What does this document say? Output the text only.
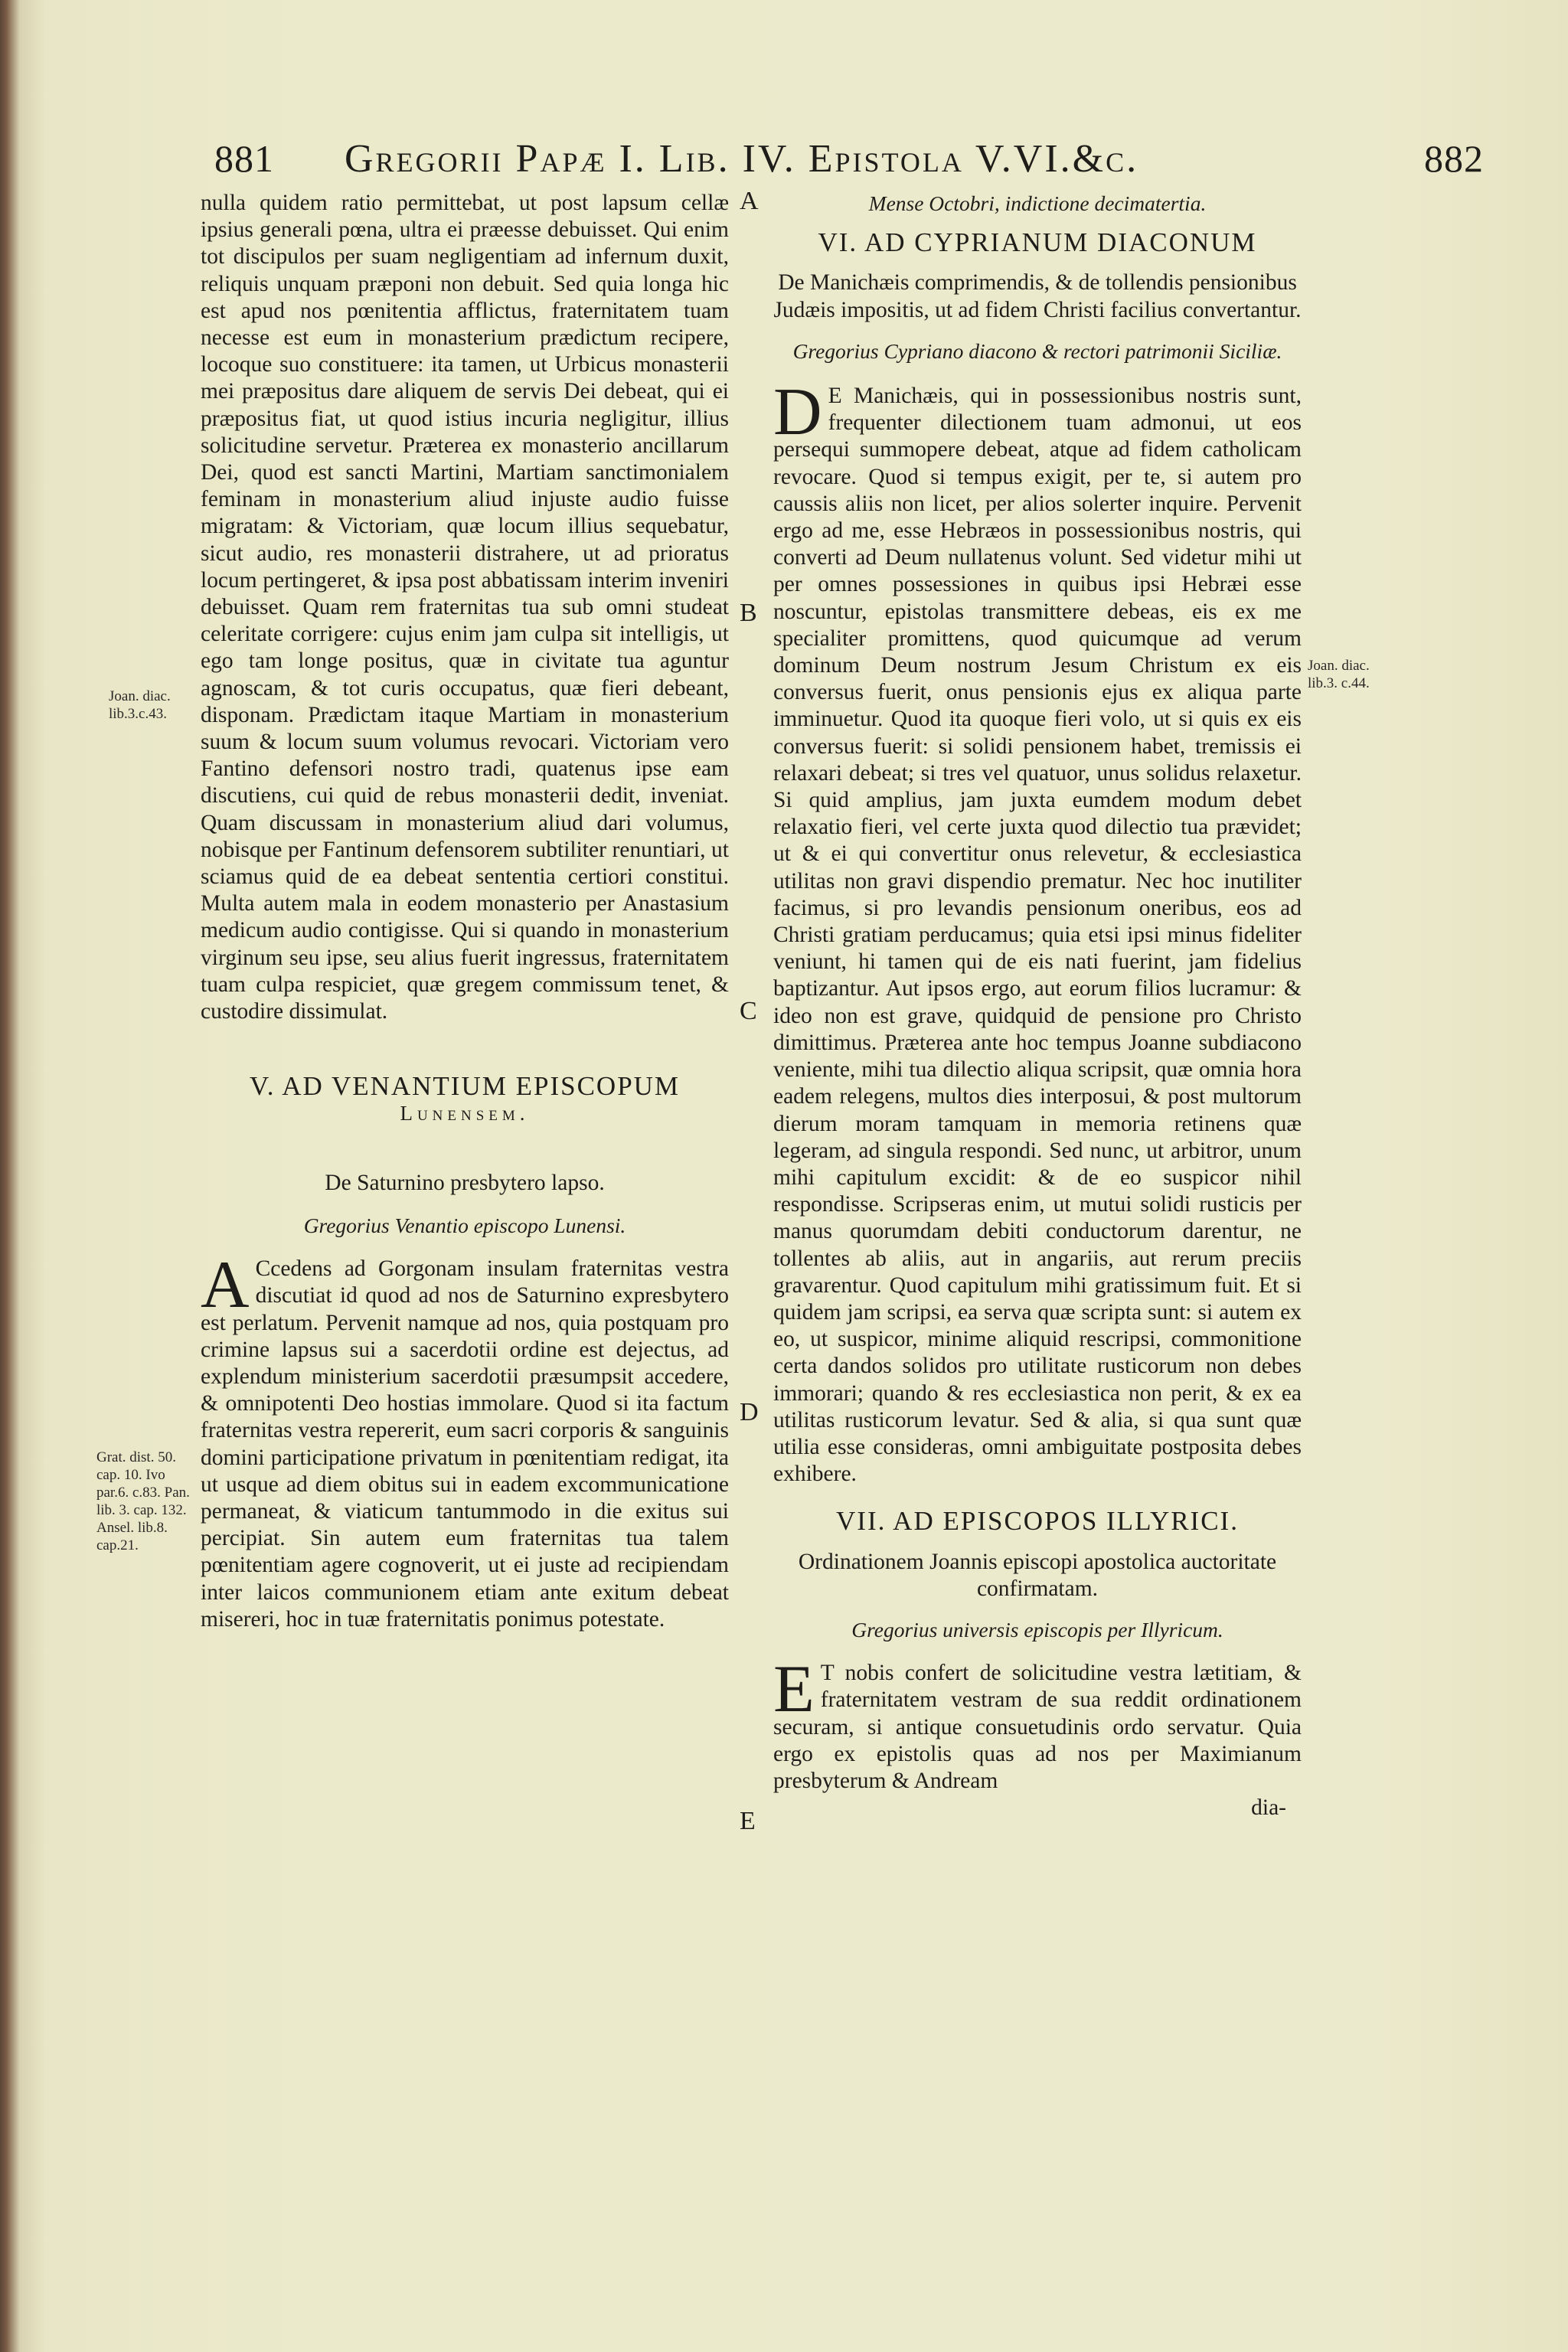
881 Gregorii Papæ I. Lib. IV. Epistola V.VI.&c.	882

nulla quidem ratio permittebat, ut post lapsum cellæ ipsius generali pœna, ultra ei præesse debuisset. Qui enim tot discipulos per suam negligentiam ad infernum duxit, reliquis unquam præponi non debuit. Sed quia longa hic est apud nos pœnitentia afflictus, fraternitatem tuam necesse est eum in monasterium prædictum recipere, locoque suo constituere: ita tamen, ut Urbicus monasterii mei præpositus dare aliquem de servis Dei debeat, qui ei præpositus fiat, ut quod istius incuria negligitur, illius solicitudine servetur. Præterea ex monasterio ancillarum Dei, quod est sancti Martini, Martiam sanctimonialem feminam in monasterium aliud injuste audio fuisse migratam: & Victoriam, quæ locum illius sequebatur, sicut audio, res monasterii distrahere, ut ad prioratus locum pertingeret, & ipsa post abbatissam interim inveniri debuisset. Quam rem fraternitas tua sub omni studeat celeritate corrigere: cujus enim jam culpa sit intelligis, ut ego tam longe positus, quæ in civitate tua aguntur agnoscam, & tot curis occupatus, quæ fieri debeant, disponam. Prædictam itaque Martiam in monasterium suum & locum suum volumus revocari. Victoriam vero Fantino defensori nostro tradi, quatenus ipse eam discutiens, cui quid de rebus monasterii dedit, inveniat. Quam discussam in monasterium aliud dari volumus, nobisque per Fantinum defensorem subtiliter renuntiari, ut sciamus quid de ea debeat sententia certiori constitui. Multa autem mala in eodem monasterio per Anastasium medicum audio contigisse. Qui si quando in monasterium virginum seu ipse, seu alius fuerit ingressus, fraternitatem tuam culpa respiciet, quæ gregem commissum tenet, & custodire dissimulat.

V. AD VENANTIUM EPISCOPUM

Lunensem.

De Saturnino presbytero lapso.

Gregorius Venantio episcopo Lunensi.

A Ccedens ad Gorgonam insulam fraternitas vestra discutiat id quod ad nos de Saturnino expresbytero est perlatum. Pervenit namque ad nos, quia postquam pro crimine lapsus sui a sacerdotii ordine est dejectus, ad explendum ministerium sacerdotii præsumpsit accedere, & omnipotenti Deo hostias immolare. Quod si ita factum fraternitas vestra repererit, eum sacri corporis & sanguinis domini participatione privatum in pœnitentiam redigat, ita ut usque ad diem obitus sui in eadem excommunicatione permaneat, & viaticum tantummodo in die exitus sui percipiat. Sin autem eum fraternitas tua talem pœnitentiam agere cognoverit, ut ei juste ad recipiendam inter laicos communionem etiam ante exitum debeat misereri, hoc in tuæ fraternitatis ponimus potestate.

Mense Octobri, indictione decimatertia.

VI. AD CYPRIANUM DIACONUM

De Manichæis comprimendis, & de tollendis pensionibus Judæis impositis, ut ad fidem Christi facilius convertantur.

Gregorius Cypriano diacono & rectori patrimonii Siciliæ.

D E Manichæis, qui in possessionibus nostris sunt, frequenter dilectionem tuam admonui, ut eos persequi summopere debeat, atque ad fidem catholicam revocare. Quod si tempus exigit, per te, si autem pro caussis aliis non licet, per alios solerter inquire. Pervenit ergo ad me, esse Hebræos in possessionibus nostris, qui converti ad Deum nullatenus volunt. Sed videtur mihi ut per omnes possessiones in quibus ipsi Hebræi esse noscuntur, epistolas transmittere debeas, eis ex me specialiter promittens, quod quicumque ad verum dominum Deum nostrum Jesum Christum ex eis conversus fuerit, onus pensionis ejus ex aliqua parte imminuetur. Quod ita quoque fieri volo, ut si quis ex eis conversus fuerit: si solidi pensionem habet, tremissis ei relaxari debeat; si tres vel quatuor, unus solidus relaxetur. Si quid amplius, jam juxta eumdem modum debet relaxatio fieri, vel certe juxta quod dilectio tua prævidet; ut & ei qui convertitur onus relevetur, & ecclesiastica utilitas non gravi dispendio prematur. Nec hoc inutiliter facimus, si pro levandis pensionum oneribus, eos ad Christi gratiam perducamus; quia etsi ipsi minus fideliter veniunt, hi tamen qui de eis nati fuerint, jam fidelius baptizantur. Aut ipsos ergo, aut eorum filios lucramur: & ideo non est grave, quidquid de pensione pro Christo dimittimus. Præterea ante hoc tempus Joanne subdiacono veniente, mihi tua dilectio aliqua scripsit, quæ omnia hora eadem relegens, multos dies interposui, & post multorum dierum moram tamquam in memoria retinens quæ legeram, ad singula respondi. Sed nunc, ut arbitror, unum mihi capitulum excidit: & de eo suspicor nihil respondisse. Scripseras enim, ut mutui solidi rusticis per manus quorumdam debiti conductorum darentur, ne tollentes ab aliis, aut in angariis, aut rerum preciis gravarentur. Quod capitulum mihi gratissimum fuit. Et si quidem jam scripsi, ea serva quæ scripta sunt: si autem ex eo, ut suspicor, minime aliquid rescripsi, commonitione certa dandos solidos pro utilitate rusticorum non debes immorari; quando & res ecclesiastica non perit, & ex ea utilitas rusticorum levatur. Sed & alia, si qua sunt quæ utilia esse consideras, omni ambiguitate postposita debes exhibere.

VII. AD EPISCOPOS ILLYRICI.

Ordinationem Joannis episcopi apostolica auctoritate confirmatam.

Gregorius universis episcopis per Illyricum.

E T nobis confert de solicitudine vestra lætitiam, & fraternitatem vestram de sua reddit ordinationem securam, si antique consuetudinis ordo servatur. Quia ergo ex epistolis quas ad nos per Maximianum presbyterum & Andream

dia-

Joan. diac. lib.3.c.43.
Grat. dist. 50. cap. 10. Ivo par.6. c.83. Pan. lib. 3. cap. 132. Ansel. lib.8. cap.21.
Joan. diac. lib.3. c.44.
A
B
C
D
E
